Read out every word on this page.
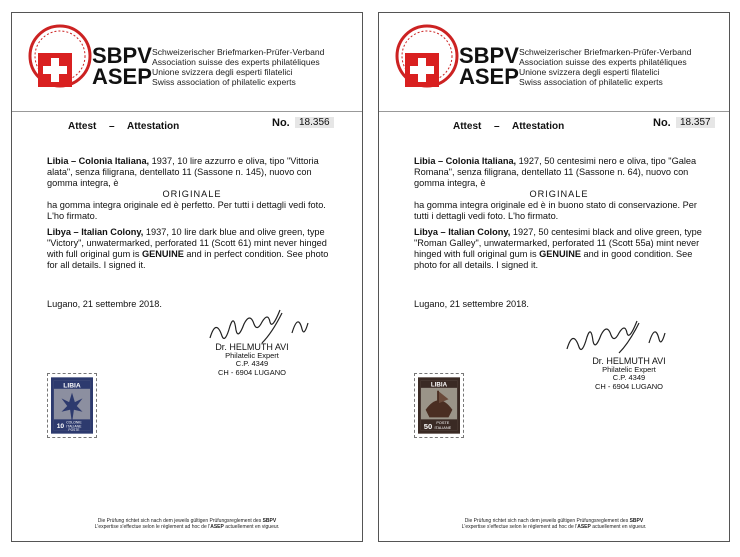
SBPV
ASEP
Schweizerischer Briefmarken-Prüfer-Verband
Association suisse des experts philatéliques
Unione svizzera degli esperti filatelici
Swiss association of philatelic experts
Attest – Attestation	No. 18.356

Libia – Colonia Italiana, 1937, 10 lire azzurro e oliva, tipo "Vittoria alata", senza filigrana, dentellato 11 (Sassone n. 145), nuovo con gomma integra, è

ORIGINALE

ha gomma integra originale ed è perfetto. Per tutti i dettagli vedi foto. L'ho firmato.

Libya – Italian Colony, 1937, 10 lire dark blue and olive green, type "Victory", unwatermarked, perforated 11 (Scott 61) mint never hinged with full original gum is GENUINE and in perfect condition. See photo for all details. I signed it.

Lugano, 21 settembre 2018.
Dr. HELMUTH AVI
Philatelic Expert
C.P. 4349
CH - 6904 LUGANO
LIBIA
10
COLONIE
ITALIANE
POSTE
Die Prüfung richtet sich nach dem jeweils gültigen Prüfungsreglement des SBPV
L'expertise s'effectue selon le règlement ad hoc de l'ASEP actuellement en vigueur.
SBPV
ASEP
Schweizerischer Briefmarken-Prüfer-Verband
Association suisse des experts philatéliques
Unione svizzera degli esperti filatelici
Swiss association of philatelic experts
Attest – Attestation	No. 18.357

Libia – Colonia Italiana, 1927, 50 centesimi nero e oliva, tipo "Galea Romana", senza filigrana, dentellato 11 (Sassone n. 64), nuovo con gomma integra, è

ORIGINALE

ha gomma integra originale ed è in buono stato di conservazione. Per tutti i dettagli vedi foto. L'ho firmato.

Libya – Italian Colony, 1927, 50 centesimi black and olive green, type "Roman Galley", unwatermarked, perforated 11 (Scott 55a) mint never hinged with full original gum is GENUINE and in good condition. See photo for all details. I signed it.

Lugano, 21 settembre 2018.
Dr. HELMUTH AVI
Philatelic Expert
C.P. 4349
CH - 6904 LUGANO
LIBIA
50 POSTE
ITALIANE
Die Prüfung richtet sich nach dem jeweils gültigen Prüfungsreglement des SBPV
L'expertise s'effectue selon le règlement ad hoc de l'ASEP actuellement en vigueur.
